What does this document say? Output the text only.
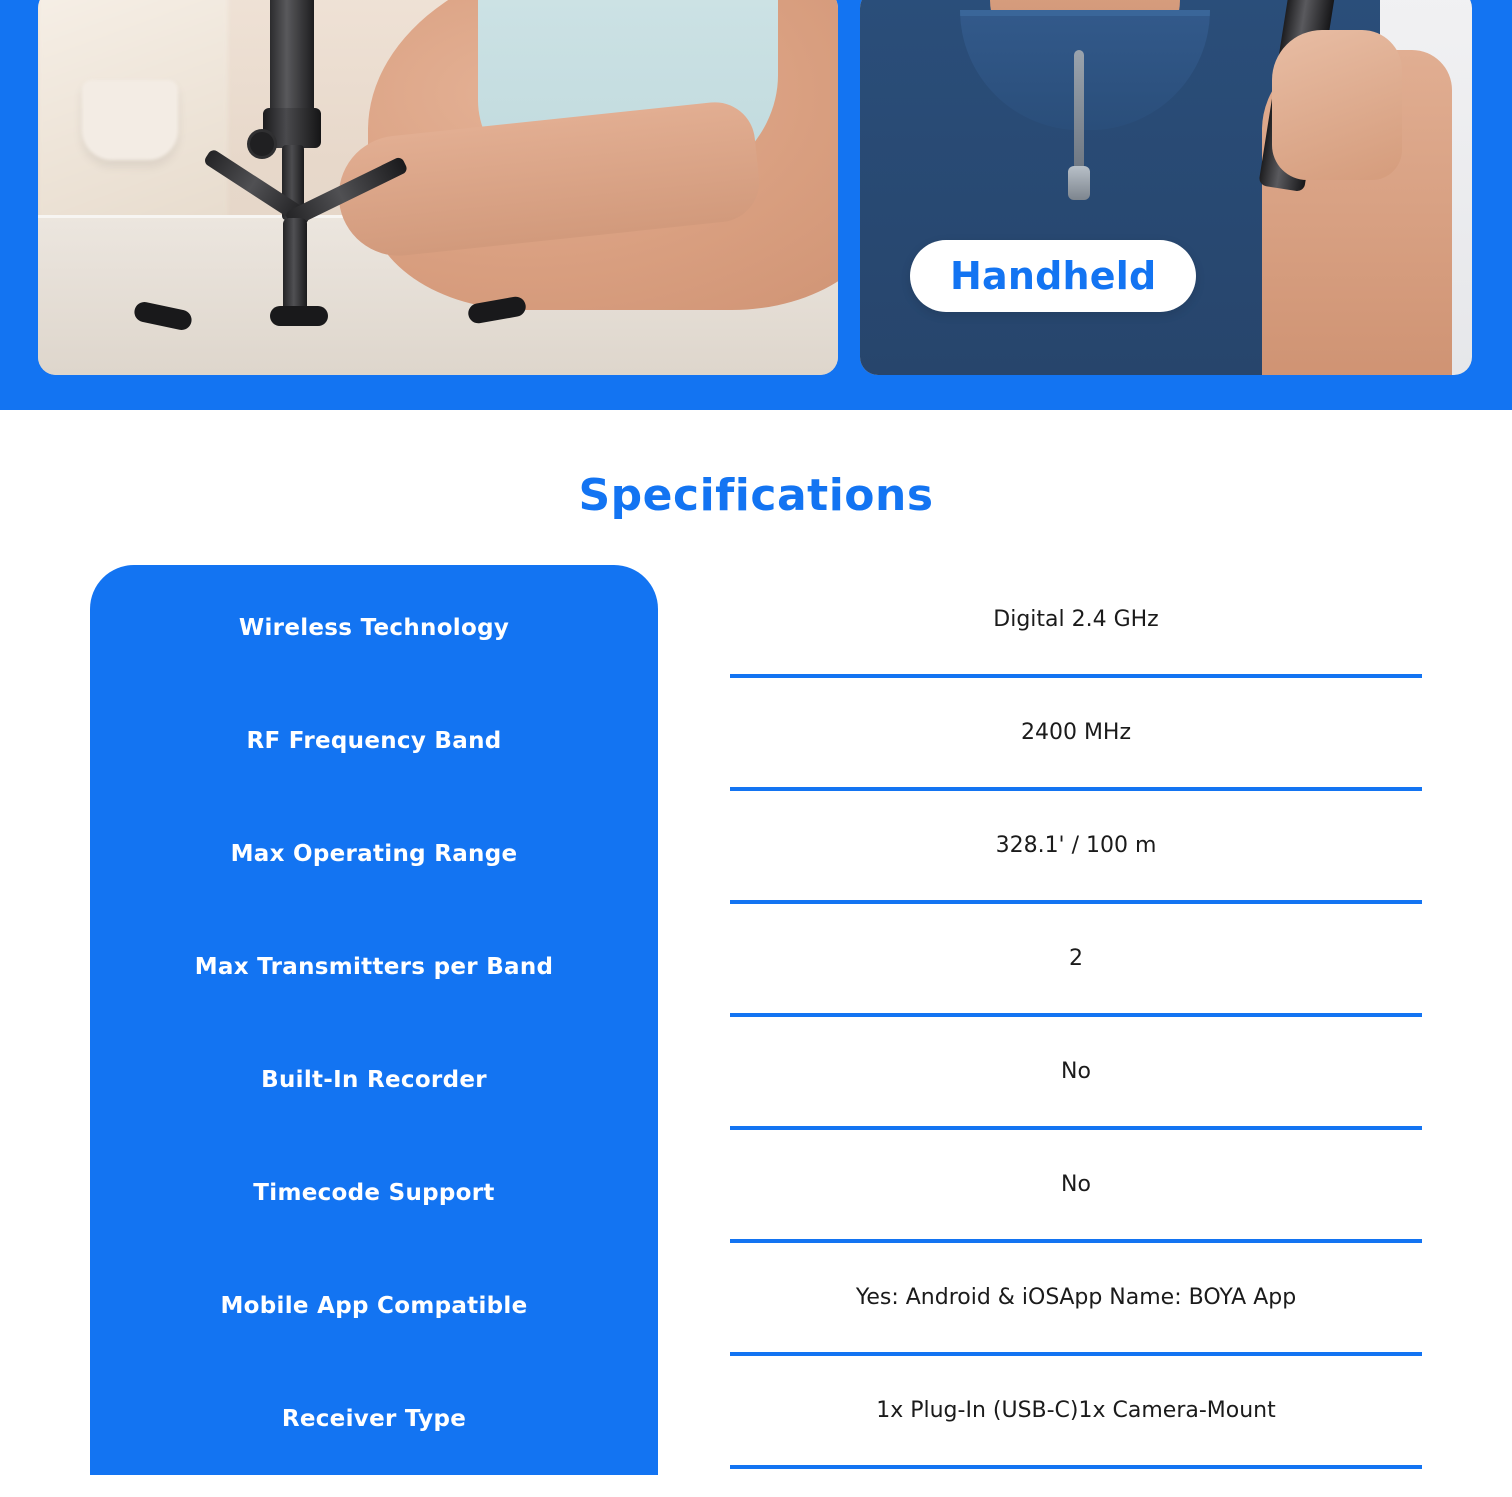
Handheld
Specifications
Wireless Technology
RF Frequency Band
Max Operating Range
Max Transmitters per Band
Built-In Recorder
Timecode Support
Mobile App Compatible
Receiver Type
Digital 2.4 GHz
2400 MHz
328.1' / 100 m
2
No
No
Yes: Android & iOS App Name: BOYA App
1x Plug-In (USB-C) 1x Camera-Mount
